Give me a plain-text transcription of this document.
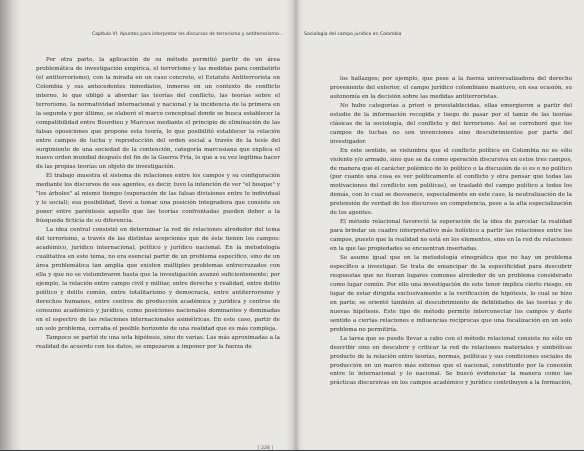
Capítulo VI. Apuntes para interpretar los discursos de terrorismo y antiterrorismo...

Por otra parte, la aplicación de su método permitió partir de un área problemática de investigación empírica, el terrorismo y las medidas para combatirlo (el antiterrorismo), con la mirada en un caso concreto, el Estatuto Antiterrorista en Colombia y sus antecedentes inmediatos, inmerso en un contexto de conflicto interno, lo que obligó a abordar las teorías del conflicto, las teorías sobre el terrorismo, la normatividad internacional y nacional y la incidencia de la primera en la segunda y por último, se elaboró el marco conceptual donde se busca establecer la compatibilidad entre Bourdieu y Marcuse mediante el principio de eliminación de las falsas oposiciones que propone esta teoría, lo que posibilitó establecer la relación entre campos de lucha y reproducción del orden social a través de la tesis del surgimiento de una sociedad de la contención, categoría marcusiana que explica el nuevo orden mundial después del fin de la Guerra Fría, lo que a su vez legitima hacer de las propias teorías un objeto de investigación.

El trabajo muestra el sistema de relaciones entre los campos y su configuración mediante los discursos de sus agentes, es decir, tuvo la intención de ver "el bosque" y "los árboles" al mismo tiempo (superación de las falsas divisiones entre lo individual y lo social); esa posibilidad, llevó a tomar una posición integradora que consiste en poner entre paréntesis aquello que las teorías confrontadas pueden deber a la búsqueda ficticia de su diferencia.

La idea central consistió en determinar la red de relaciones alrededor del tema del terrorismo, a través de las distintas acepciones que de éste tienen los campos: académico, jurídico internacional, político y jurídico nacional. En la metodología cualitativa en este tema, no era esencial partir de un problema específico, sino de un área problemática tan amplia que existen múltiples problemas entrecruzados con ella y que no se vislumbraron hasta que la investigación avanzó suficientemente; por ejemplo, la relación entre campo civil y militar, entre derecho y realidad, entre delito político y delito común, entre totalitarismo y democracia, entre antiterrorismo y derechos humanos, entre centros de producción académica y jurídica y centros de consumo académico y jurídico, como posiciones nacionales dominantes y dominadas en el espectro de las relaciones internacionales asimétricas. En este caso, partir de un solo problema, cerraba el posible horizonte de una realidad que es más compleja.

Tampoco se partió de una sola hipótesis, sino de varias. Las más aproximadas a la realidad de acuerdo con los datos, se empezaron a imponer por la fuerza de

[ 228 ]
Sociología del campo jurídico en Colombia

los hallazgos; por ejemplo, que pese a la fuerza universalizadora del derecho proveniente del exterior, el campo jurídico colombiano mantuvo, en esa ocasión, su autonomía en la decisión sobre las medidas antiterroristas.

No hubo categorías a priori o preestablecidas, ellas emergieron a partir del estudio de la información recogida y luego de pasar por el tamiz de las teorías clásicas de la sociología, del conflicto y del terrorismo. Así se corroboró que los campos de luchas no son invenciones sino descubrimientos por parte del investigador.

En este sentido, se vislumbra que el conflicto político en Colombia no es sólo violento y/o armado, sino que se da como operación discursiva en estos tres campos, de manera que el carácter polémico de lo político o la discusión de si es o no político (por cuanto una cosa es ver políticamente el conflicto y otra pensar que todas las motivaciones del conflicto son políticas), se trasladó del campo político a todos los demás, con lo cual se desvanece, especialmente en este caso, la neutralización de la pretensión de verdad de los discursos en competencia, pese a la alta especialización de los agentes.

El método relacional favoreció la superación de la idea de parcelar la realidad para brindar un cuadro interpretativo más holístico a partir las relaciones entre los campos, puesto que la realidad no está en los elementos, sino en la red de relaciones en la que las propiedades se encuentran insertadas.

Se asume igual que en la metodología etnográfica que no hay un problema específico a investigar. Se trata de emancipar de la especificidad para descubrir respuestas que no fueran lugares comunes alrededor de un problema considerado como lugar común. Por ello una investigación de este tenor implica cierto riesgo, en lugar de estar dirigida exclusivamente a la verificación de hipótesis, lo cual se hizo en parte; se orientó también al descubrimiento de debilidades de las teorías y de nuevas hipótesis. Este tipo de método permite interconectar los campos y darle sentido a ciertas relaciones e influencias recíprocas que una focalización en un solo problema no permitiría.

La tarea que se puede llevar a cabo con el método relacional consiste no sólo en describir sino en descubrir y criticar la red de relaciones materiales y simbólicas producto de la relación entre teorías, normas, políticas y sus condiciones sociales de producción en un marco más extenso que el nacional, constituido por la conexión entre lo internacional y lo nacional. Se buscó evidenciar la manera como las prácticas discursivas en los campos académico y jurídico contribuyen a la formación,
